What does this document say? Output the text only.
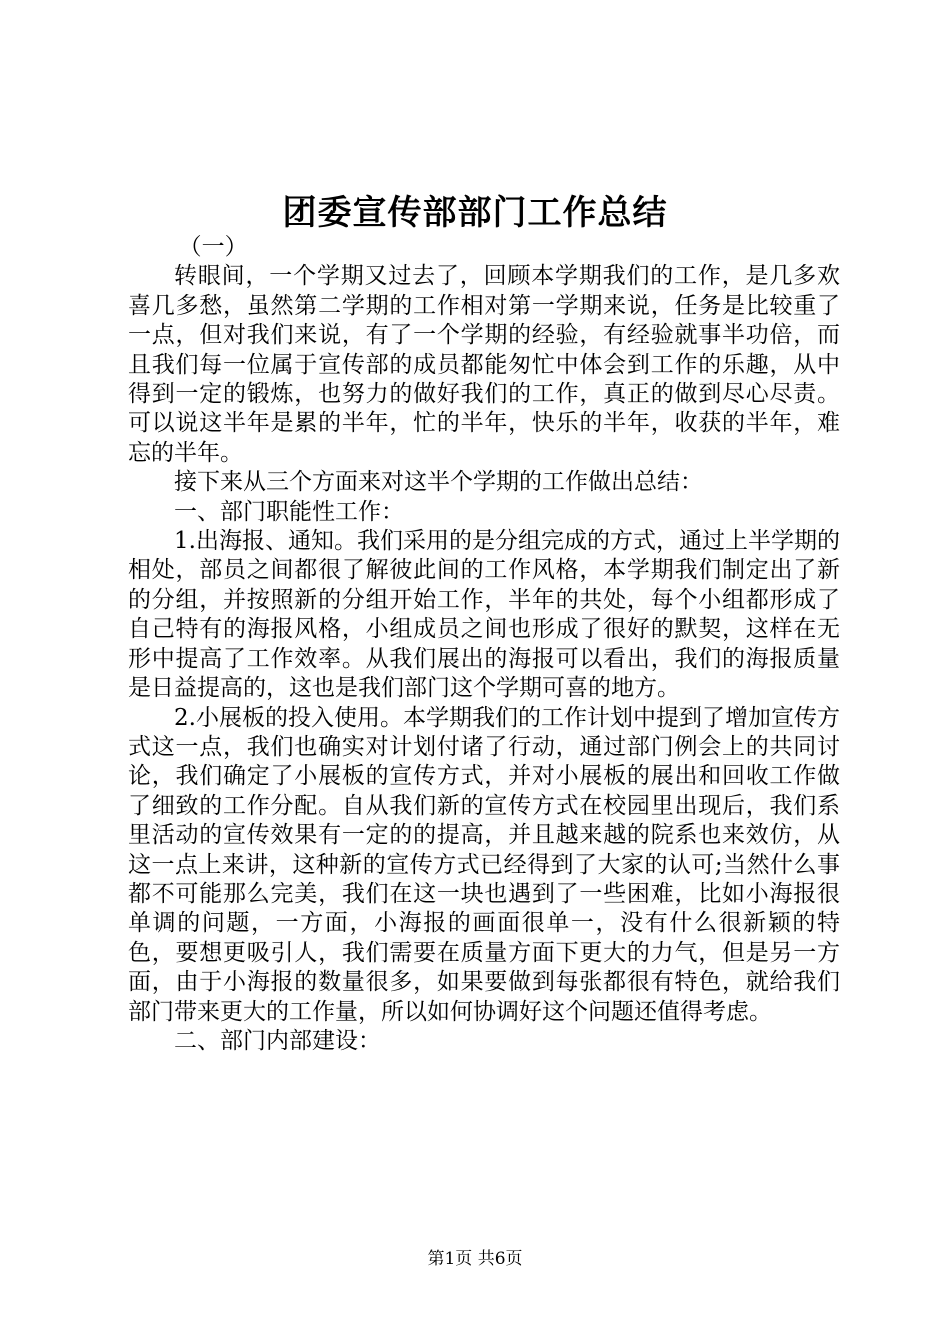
团委宣传部部门工作总结

（一）

转眼间，一个学期又过去了，回顾本学期我们的工作，是几多欢喜几多愁，虽然第二学期的工作相对第一学期来说，任务是比较重了一点，但对我们来说，有了一个学期的经验，有经验就事半功倍，而且我们每一位属于宣传部的成员都能匆忙中体会到工作的乐趣，从中得到一定的锻炼，也努力的做好我们的工作，真正的做到尽心尽责。可以说这半年是累的半年，忙的半年，快乐的半年，收获的半年，难忘的半年。

接下来从三个方面来对这半个学期的工作做出总结：

一、部门职能性工作：

1.出海报、通知。我们采用的是分组完成的方式，通过上半学期的相处，部员之间都很了解彼此间的工作风格，本学期我们制定出了新的分组，并按照新的分组开始工作，半年的共处，每个小组都形成了自己特有的海报风格，小组成员之间也形成了很好的默契，这样在无形中提高了工作效率。从我们展出的海报可以看出，我们的海报质量是日益提高的，这也是我们部门这个学期可喜的地方。

2.小展板的投入使用。本学期我们的工作计划中提到了增加宣传方式这一点，我们也确实对计划付诸了行动，通过部门例会上的共同讨论，我们确定了小展板的宣传方式，并对小展板的展出和回收工作做了细致的工作分配。自从我们新的宣传方式在校园里出现后，我们系里活动的宣传效果有一定的的提高，并且越来越的院系也来效仿，从这一点上来讲，这种新的宣传方式已经得到了大家的认可;当然什么事都不可能那么完美，我们在这一块也遇到了一些困难，比如小海报很单调的问题，一方面，小海报的画面很单一，没有什么很新颖的特色，要想更吸引人，我们需要在质量方面下更大的力气，但是另一方面，由于小海报的数量很多，如果要做到每张都很有特色，就给我们部门带来更大的工作量，所以如何协调好这个问题还值得考虑。

二、部门内部建设：

第1页 共6页
